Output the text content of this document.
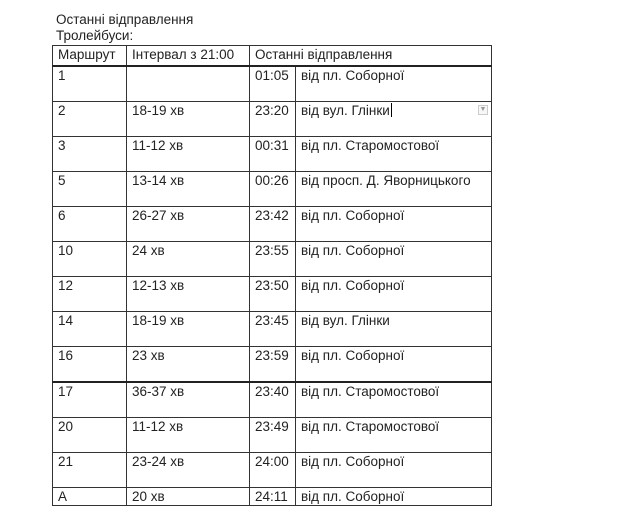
Останні відправлення
Тролейбуси:
Маршрут	Інтервал з 21:00	Останні відправлення	
1		01:05	від пл. Соборної
2	18-19 хв	23:20	від вул. Глінки ▼

3	11-12 хв	00:31	від пл. Старомостової
5	13-14 хв	00:26	від просп. Д. Яворницького
6	26-27 хв	23:42	від пл. Соборної
10	24 хв	23:55	від пл. Соборної
12	12-13 хв	23:50	від пл. Соборної
14	18-19 хв	23:45	від вул. Глінки
16	23 хв	23:59	від пл. Соборної
17	36-37 хв	23:40	від пл. Старомостової
20	11-12 хв	23:49	від пл. Старомостової
21	23-24 хв	24:00	від пл. Соборної
А	20 хв	24:11	від пл. Соборної
